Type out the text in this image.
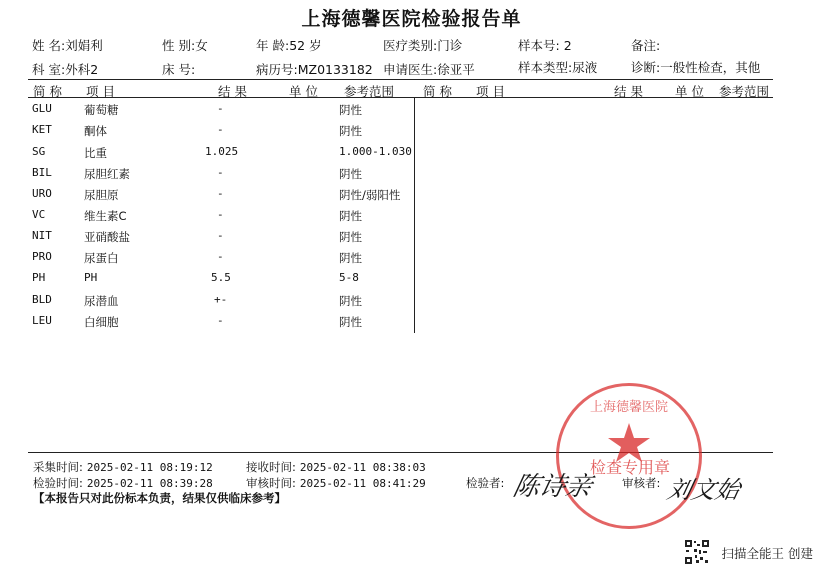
上海德馨医院检验报告单
姓 名:刘娟利	性 别:女	年 龄:52 岁	医疗类别:门诊	样本号: 2	备注:
科 室:外科2	床 号:	病历号:MZ0133182 申请医生:徐亚平	样本类型:尿液	诊断:一般性检查，其他
简 称 项 目	结 果	单 位 参考范围 简 称 项 目	结 果	单 位 参考范围
GLU	葡萄糖	-	阴性
KET	酮体	-	阴性
SG	比重	1.025	1.000-1.030
BIL	尿胆红素	-	阴性
URO	尿胆原	-	阴性/弱阳性
VC	维生素C	-	阴性
NIT	亚硝酸盐	-	阴性
PRO	尿蛋白	-	阴性
PH	PH	5.5	5-8
BLD	尿潜血	+-	阴性
LEU	白细胞	-	阴性
上海德馨医院
采集时间: 2025-02-11 08:19:12	接收时间: 2025-02-11 08:38:03
检验时间: 2025-02-11 08:39:28	审核时间: 2025-02-11 08:41:29	检验者: 陈诗亲
检查专用章
审核者: 刘文始
【本报告只对此份标本负责，结果仅供临床参考】
扫描全能王 创建
